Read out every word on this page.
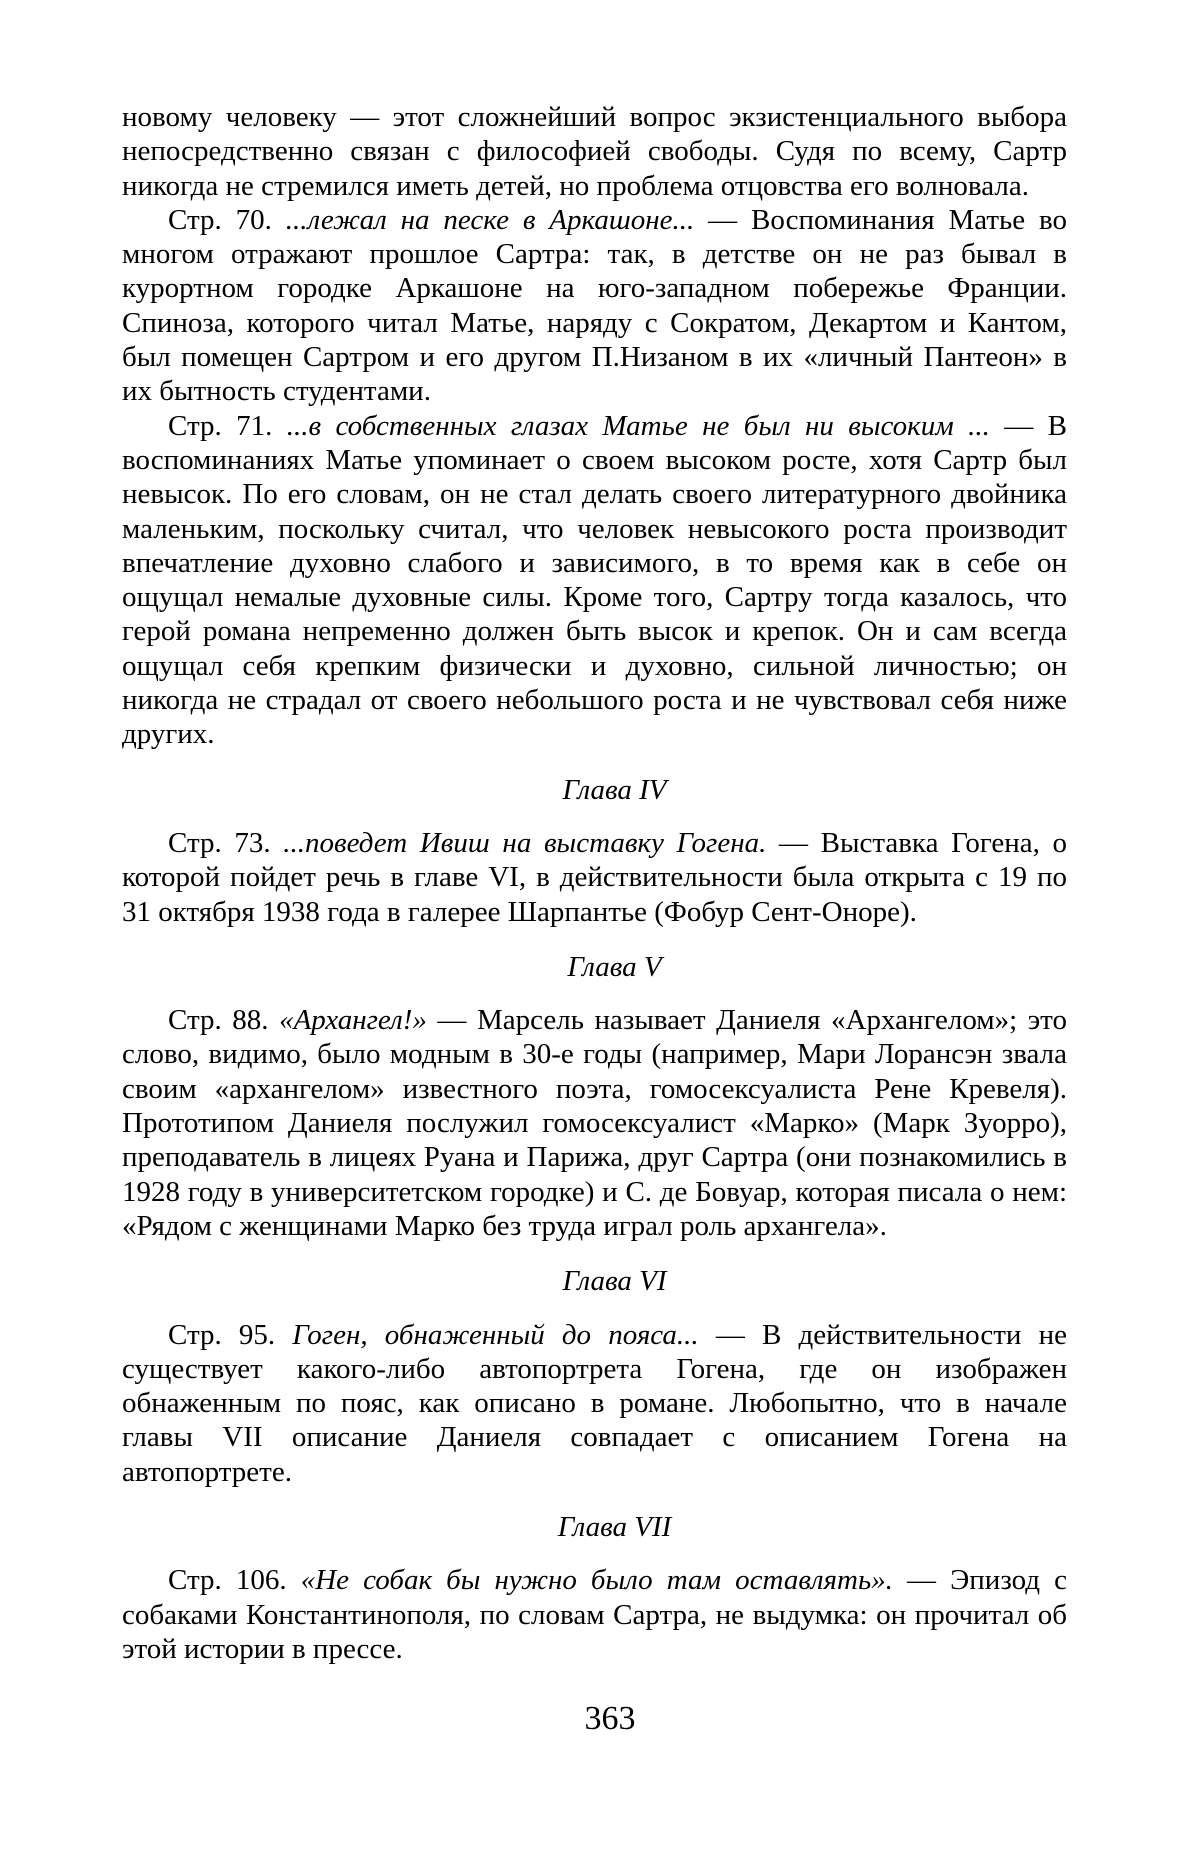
новому человеку — этот сложнейший вопрос экзистенциального выбора непосредственно связан с философией свободы. Судя по всему, Сартр никогда не стремился иметь детей, но проблема отцовства его волновала.

Стр. 70. ...лежал на песке в Аркашоне... — Воспоминания Матье во многом отражают прошлое Сартра: так, в детстве он не раз бывал в курортном городке Аркашоне на юго-западном побережье Франции. Спиноза, которого читал Матье, наряду с Сократом, Декартом и Кантом, был помещен Сартром и его другом П.Низаном в их «личный Пантеон» в их бытность студентами.

Стр. 71. ...в собственных глазах Матье не был ни высоким ... — В воспоминаниях Матье упоминает о своем высоком росте, хотя Сартр был невысок. По его словам, он не стал делать своего литературного двойника маленьким, поскольку считал, что человек невысокого роста производит впечатление духовно слабого и зависимого, в то время как в себе он ощущал немалые духовные силы. Кроме того, Сартру тогда казалось, что герой романа непременно должен быть высок и крепок. Он и сам всегда ощущал себя крепким физически и духовно, сильной личностью; он никогда не страдал от своего небольшого роста и не чувствовал себя ниже других.

Глава IV

Стр. 73. ...поведет Ивиш на выставку Гогена. — Выставка Гогена, о которой пойдет речь в главе VI, в действительности была открыта с 19 по 31 октября 1938 года в галерее Шарпантье (Фобур Сент-Оноре).

Глава V

Стр. 88. «Архангел!» — Марсель называет Даниеля «Архангелом»; это слово, видимо, было модным в 30-е годы (например, Мари Лорансэн звала своим «архангелом» известного поэта, гомосексуалиста Рене Кревеля). Прототипом Даниеля послужил гомосексуалист «Марко» (Марк Зуорро), преподаватель в лицеях Руана и Парижа, друг Сартра (они познакомились в 1928 году в университетском городке) и С. де Бовуар, которая писала о нем: «Рядом с женщинами Марко без труда играл роль архангела».

Глава VI

Стр. 95. Гоген, обнаженный до пояса... — В действительности не существует какого-либо автопортрета Гогена, где он изображен обнаженным по пояс, как описано в романе. Любопытно, что в начале главы VII описание Даниеля совпадает с описанием Гогена на автопортрете.

Глава VII

Стр. 106. «Не собак бы нужно было там оставлять». — Эпизод с собаками Константинополя, по словам Сартра, не выдумка: он прочитал об этой истории в прессе.

363
